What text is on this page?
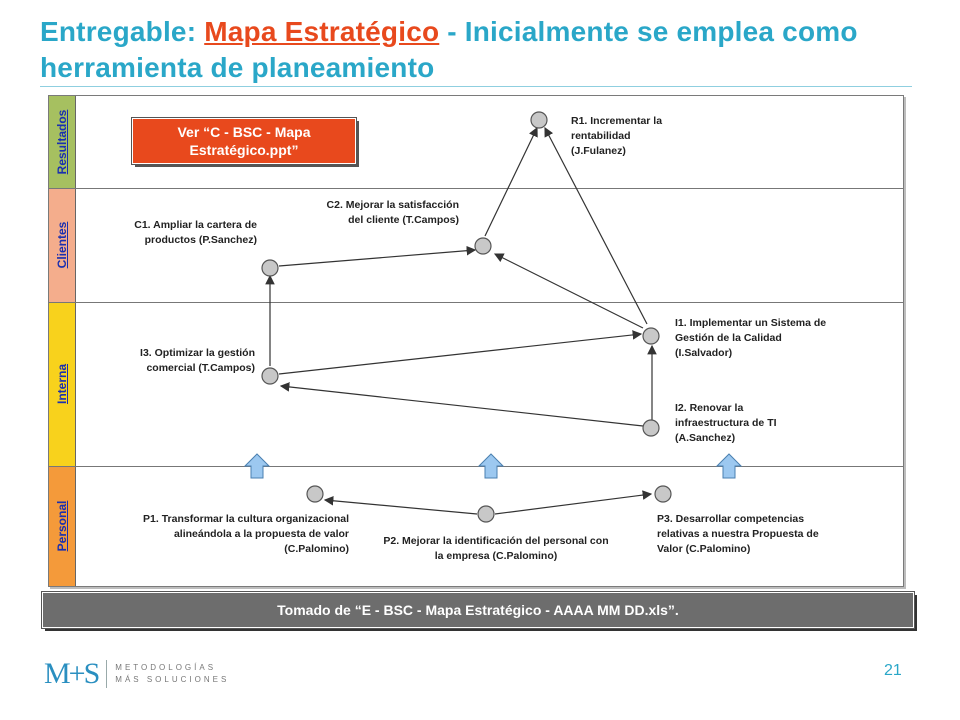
Entregable: Mapa Estratégico - Inicialmente se emplea como herramienta de planeamiento
Resultados
Clientes
Interna
Personal
R1. Incrementar la rentabilidad (J.Fulanez)
C2. Mejorar la satisfacción del cliente (T.Campos)
C1. Ampliar la cartera de productos (P.Sanchez)
I1. Implementar un Sistema de Gestión de la Calidad (I.Salvador)
I3. Optimizar la gestión comercial (T.Campos)
I2. Renovar la infraestructura de TI (A.Sanchez)
P1. Transformar la cultura organizacional alineándola a la propuesta de valor (C.Palomino)
P2. Mejorar la identificación del personal con la empresa (C.Palomino)
P3. Desarrollar competencias relativas a nuestra Propuesta de Valor (C.Palomino)
Ver “C - BSC - Mapa Estratégico.ppt”
Tomado de “E - BSC - Mapa Estratégico - AAAA MM DD.xls”.
M+S METODOLOGÍAS
MÁS SOLUCIONES
21
